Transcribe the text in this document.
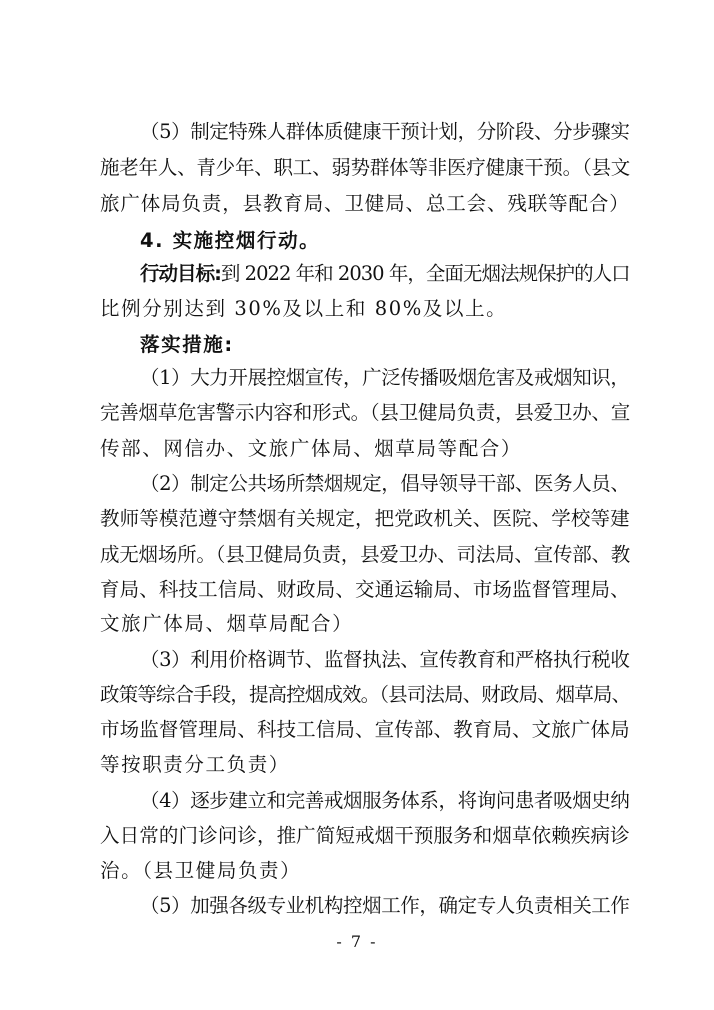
（5）制定特殊人群体质健康干预计划，分阶段、分步骤实
施老年人、青少年、职工、弱势群体等非医疗健康干预。（县文
旅广体局负责，县教育局、卫健局、总工会、残联等配合）
4. 实施控烟行动。
行动目标:到 2022 年和 2030 年，全面无烟法规保护的人口
比例分别达到 30%及以上和 80%及以上。
落实措施:
（1）大力开展控烟宣传，广泛传播吸烟危害及戒烟知识，
完善烟草危害警示内容和形式。（县卫健局负责，县爱卫办、宣
传部、网信办、文旅广体局、烟草局等配合）
（2）制定公共场所禁烟规定，倡导领导干部、医务人员、
教师等模范遵守禁烟有关规定，把党政机关、医院、学校等建
成无烟场所。（县卫健局负责，县爱卫办、司法局、宣传部、教
育局、科技工信局、财政局、交通运输局、市场监督管理局、
文旅广体局、烟草局配合）
（3）利用价格调节、监督执法、宣传教育和严格执行税收
政策等综合手段，提高控烟成效。（县司法局、财政局、烟草局、
市场监督管理局、科技工信局、宣传部、教育局、文旅广体局
等按职责分工负责）
（4）逐步建立和完善戒烟服务体系，将询问患者吸烟史纳
入日常的门诊问诊，推广简短戒烟干预服务和烟草依赖疾病诊
治。（县卫健局负责）
（5）加强各级专业机构控烟工作，确定专人负责相关工作
- 7 -
